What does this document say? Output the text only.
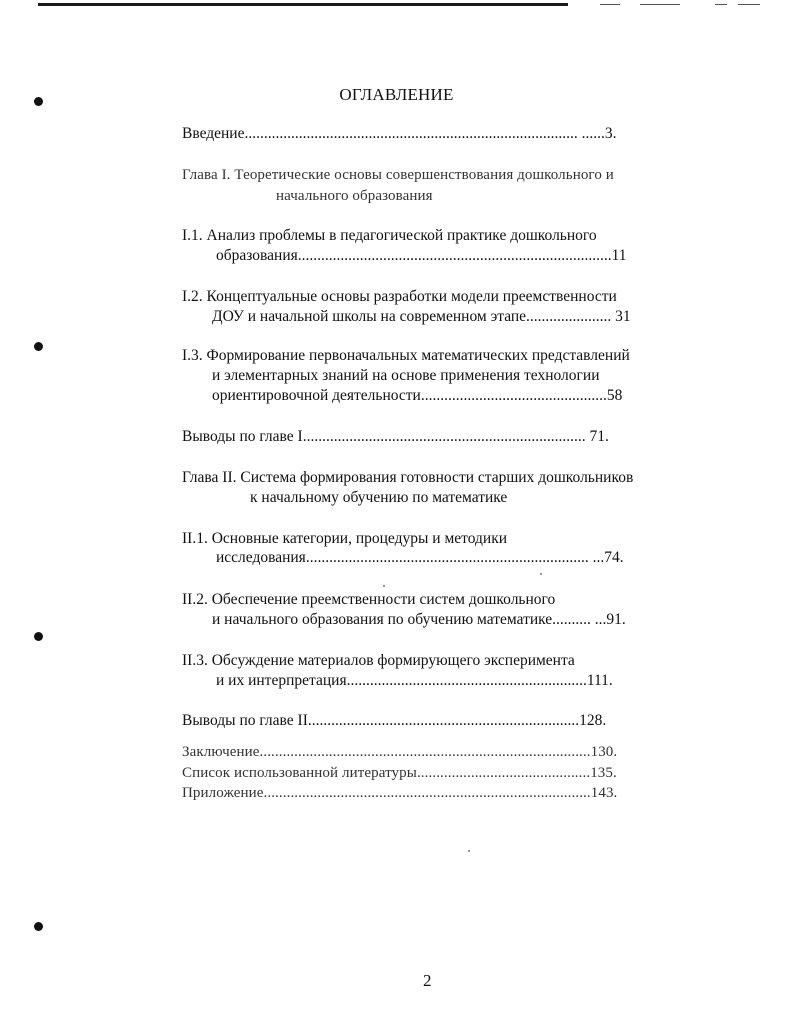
ОГЛАВЛЕНИЕ
Введение...................................................................................... ......3.
Глава I. Теоретические основы совершенствования дошкольного и
начального образования
I.1. Анализ проблемы в педагогической практике дошкольного
образования.................................................................................11
I.2. Концептуальные основы разработки модели преемственности
ДОУ и начальной школы на современном этапе...................... 31
I.3. Формирование первоначальных математических представлений
и элементарных знаний на основе применения технологии
ориентировочной деятельности................................................58
Выводы по главе I......................................................................... 71.
Глава II. Система формирования готовности старших дошкольников
к начальному обучению по математике
II.1. Основные категории, процедуры и методики
исследования......................................................................... ...74.
II.2. Обеспечение преемственности систем дошкольного
и начального образования по обучению математике.......... ...91.
II.3. Обсуждение материалов формирующего эксперимента
и их интерпретация..............................................................111.
Выводы по главе II......................................................................128.
Заключение......................................................................................130.
Список использованной литературы.............................................135.
Приложение.....................................................................................143.
2
